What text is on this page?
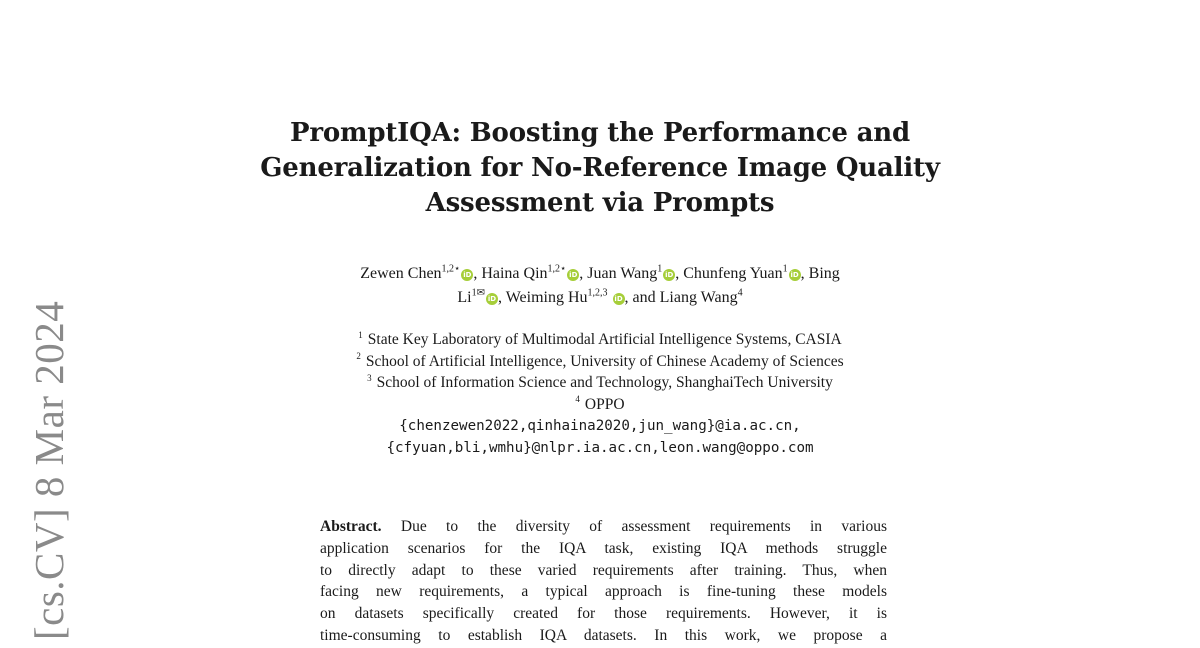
[cs.CV] 8 Mar 2024
PromptIQA: Boosting the Performance and
Generalization for No-Reference Image Quality
Assessment via Prompts
Zewen Chen$^{1,2⋆}$iD , Haina Qin$^{1,2⋆}$iD , Juan Wang$^1$iD , Chunfeng Yuan$^1$iD , Bing
$Li^{1✉}iD$ , Weiming Hu$^{1,2,3}$ iD , and Liang Wang$^4$
$^1$ State Key Laboratory of Multimodal Artificial Intelligence Systems, CASIA
$^2$ School of Artificial Intelligence, University of Chinese Academy of Sciences
$^3$ School of Information Science and Technology, ShanghaiTech University
$^4$ OPPO
{chenzewen2022,qinhaina2020,jun_wang}@ia.ac.cn,
{cfyuan,bli,wmhu}@nlpr.ia.ac.cn,leon.wang@oppo.com
Abstract. Due to the diversity of assessment requirements in various
application scenarios for the IQA task, existing IQA methods struggle
to directly adapt to these varied requirements after training. Thus, when
facing new requirements, a typical approach is fine-tuning these models
on datasets specifically created for those requirements. However, it is
time-consuming to establish IQA datasets. In this work, we propose a
